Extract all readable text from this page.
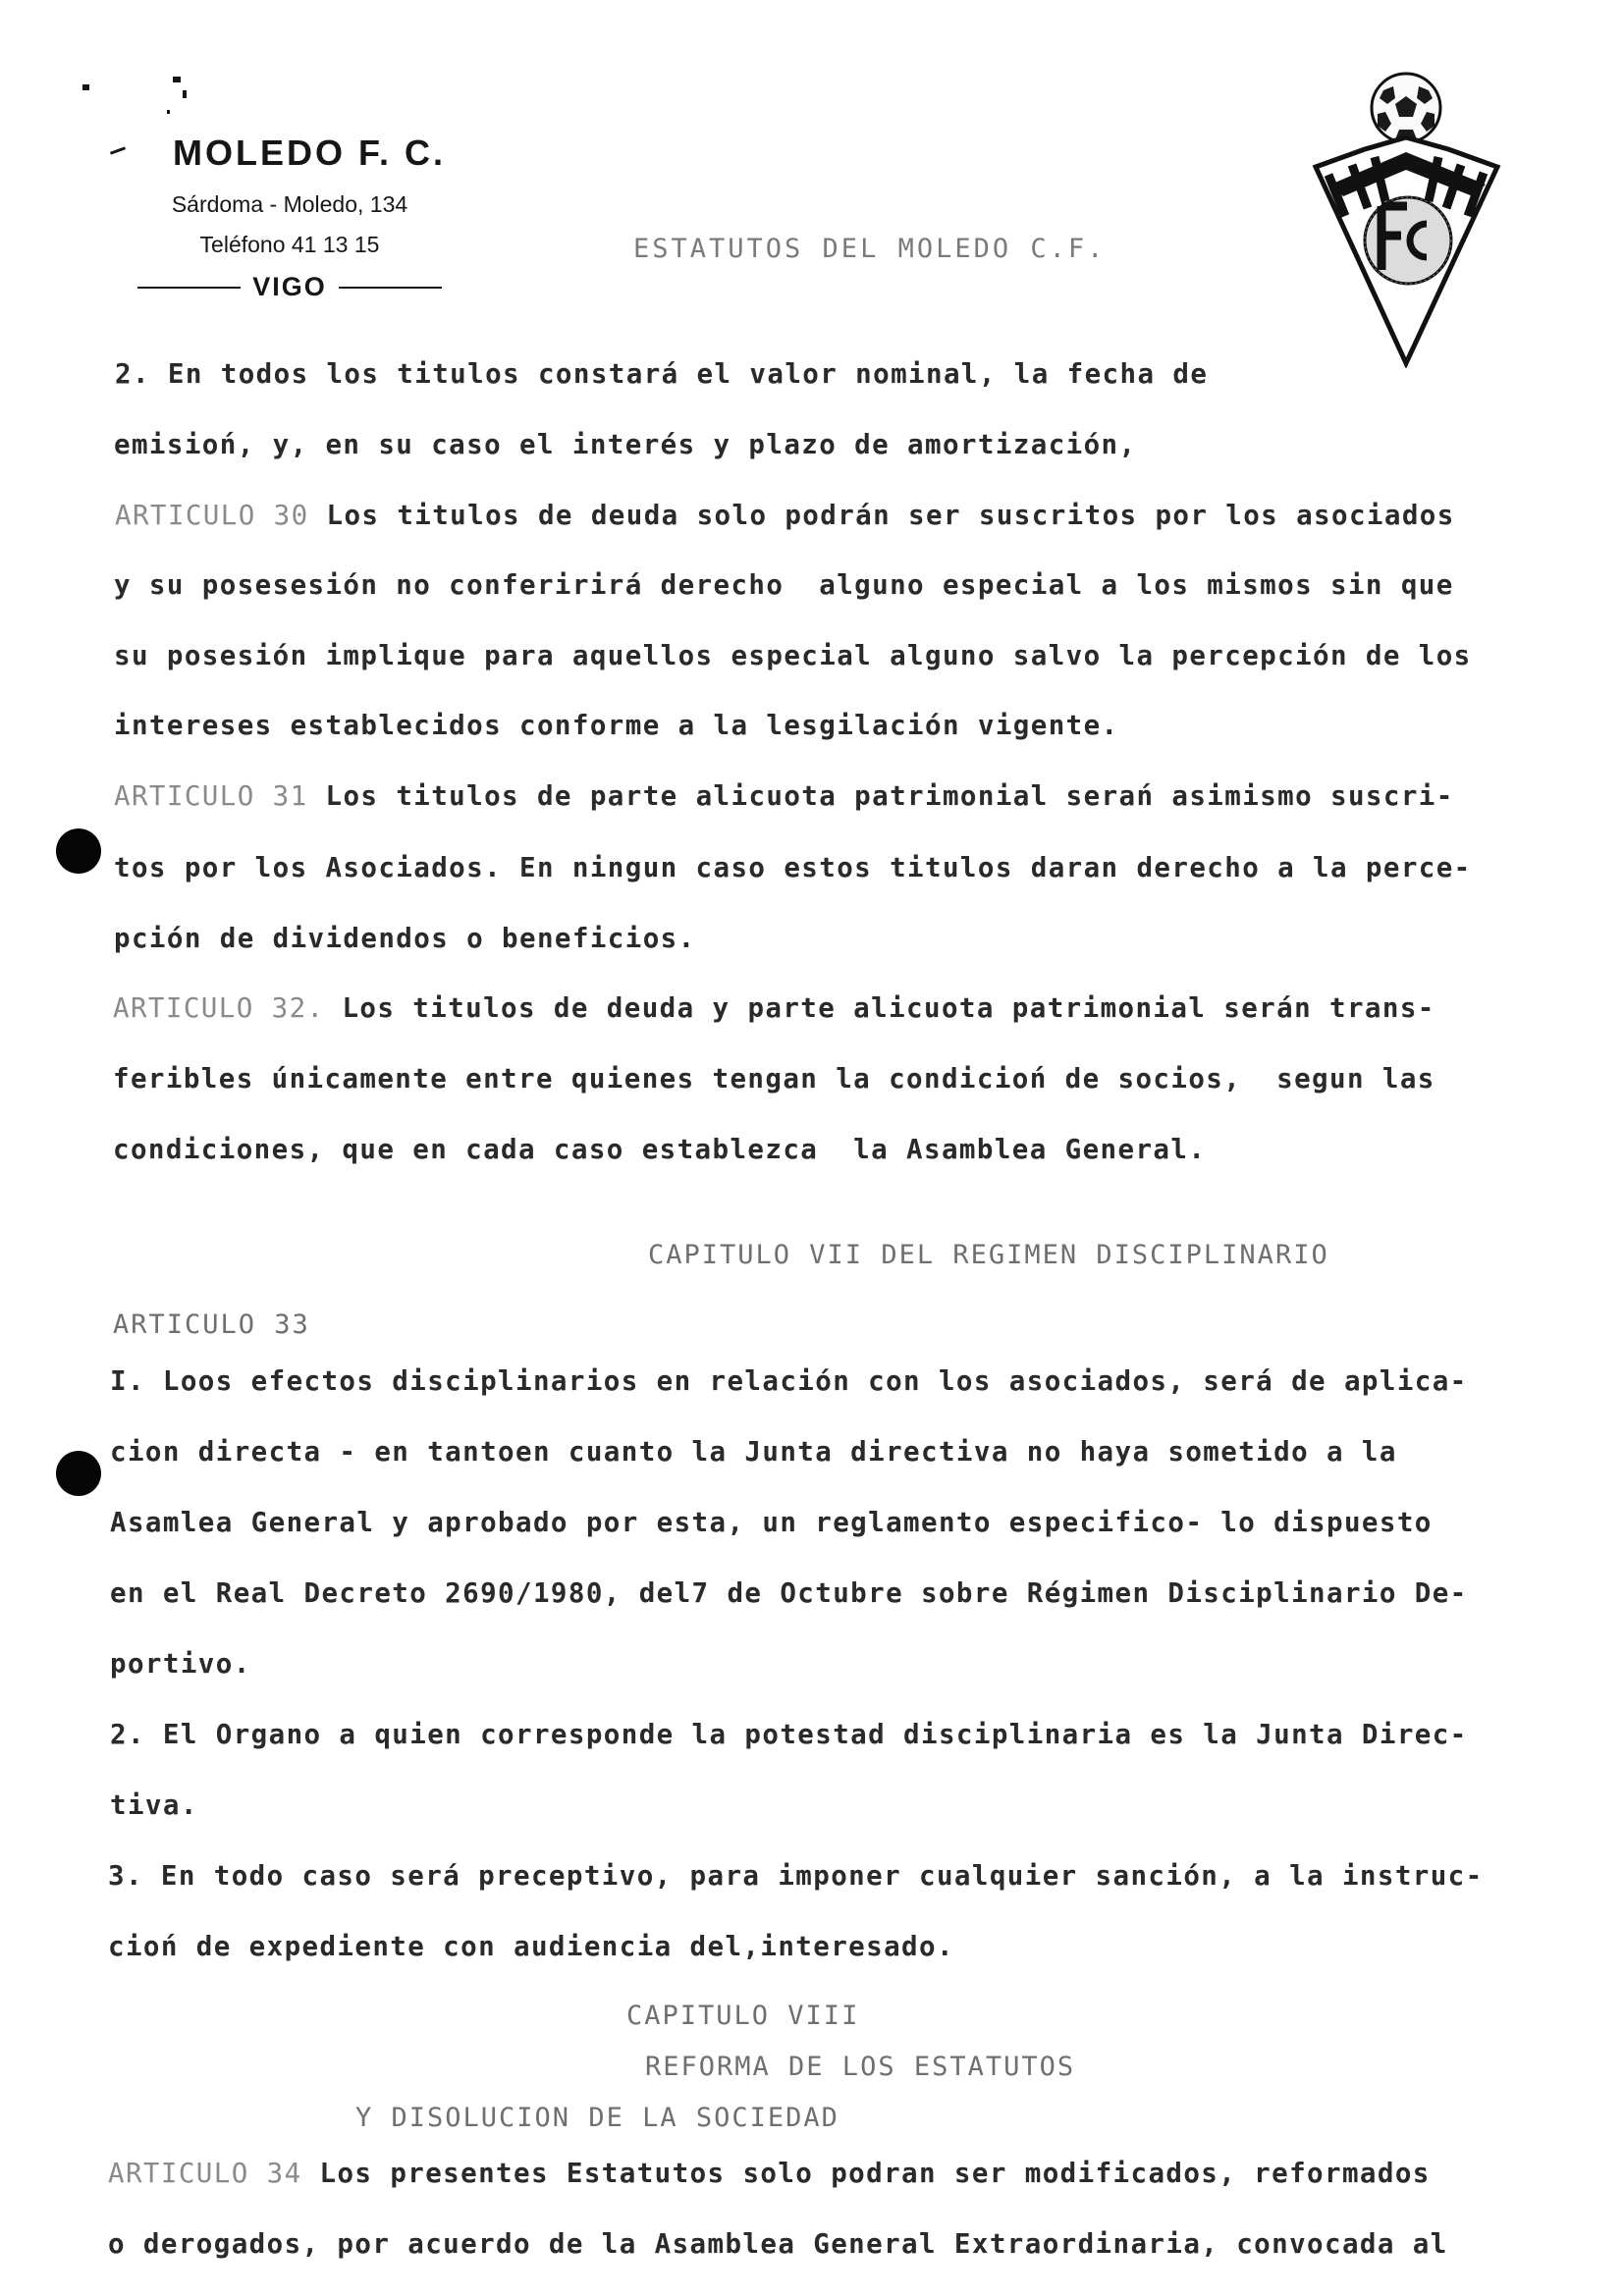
MOLEDO F. C.
Sárdoma - Moledo, 134
Teléfono 41 13 15
VIGO
ESTATUTOS DEL MOLEDO C.F.
2. En todos los titulos constará el valor nominal, la fecha de
emisioń, y, en su caso el interés y plazo de amortización,
ARTICULO 30 Los titulos de deuda solo podrán ser suscritos por los asociados
y su posesesión no conferirirá derecho  alguno especial a los mismos sin que
su posesión implique para aquellos especial alguno salvo la percepción de los
intereses establecidos conforme a la lesgilación vigente.
ARTICULO 31 Los titulos de parte alicuota patrimonial serań asimismo suscri-
tos por los Asociados. En ningun caso estos titulos daran derecho a la perce-
pción de dividendos o beneficios.
ARTICULO 32. Los titulos de deuda y parte alicuota patrimonial serán trans-
feribles únicamente entre quienes tengan la condicioń de socios,  segun las
condiciones, que en cada caso establezca  la Asamblea General.
CAPITULO VII DEL REGIMEN DISCIPLINARIO
ARTICULO 33
I. Loos efectos disciplinarios en relación con los asociados, será de aplica-
cion directa - en tantoen cuanto la Junta directiva no haya sometido a la
Asamlea General y aprobado por esta, un reglamento especifico- lo dispuesto
en el Real Decreto 2690/1980, del7 de Octubre sobre Régimen Disciplinario De-
portivo.
2. El Organo a quien corresponde la potestad disciplinaria es la Junta Direc-
tiva.
3. En todo caso será preceptivo, para imponer cualquier sanción, a la instruc-
cioń de expediente con audiencia del,interesado.
CAPITULO VIII
REFORMA DE LOS ESTATUTOS
Y DISOLUCION DE LA SOCIEDAD
ARTICULO 34 Los presentes Estatutos solo podran ser modificados, reformados
o derogados, por acuerdo de la Asamblea General Extraordinaria, convocada al
